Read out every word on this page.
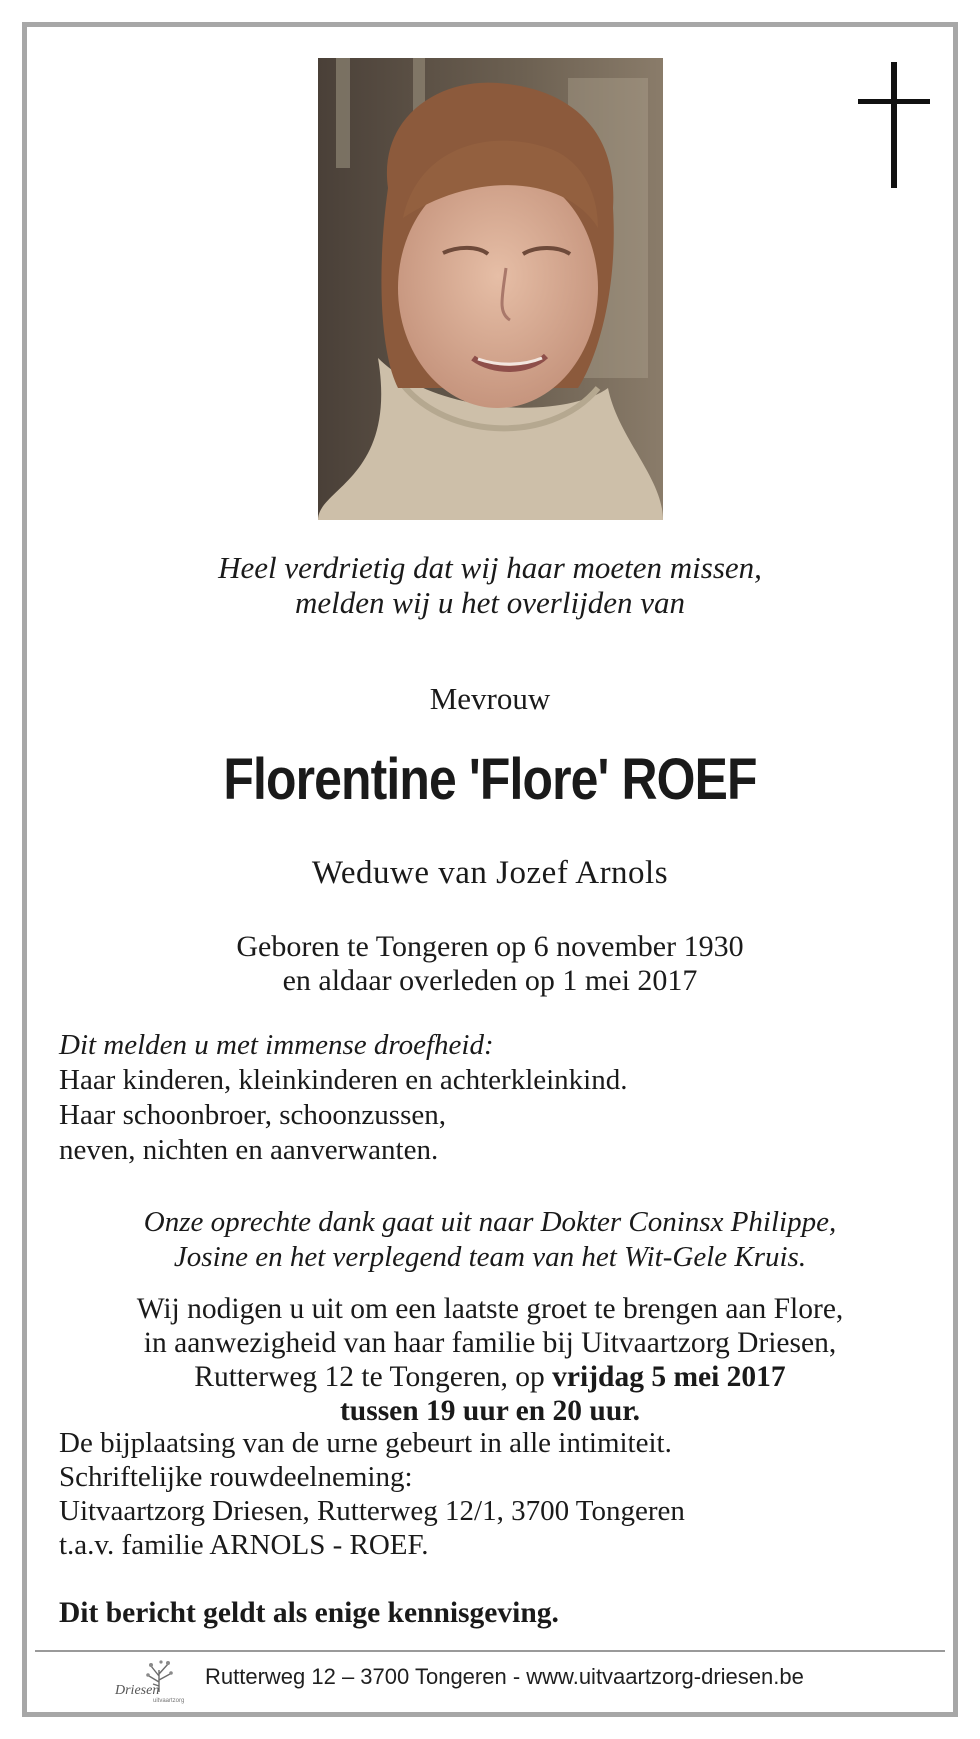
Heel verdrietig dat wij haar moeten missen,
melden wij u het overlijden van
Mevrouw
Florentine 'Flore' ROEF
Weduwe van Jozef Arnols
Geboren te Tongeren op 6 november 1930
en aldaar overleden op 1 mei 2017
Dit melden u met immense droefheid:
Haar kinderen, kleinkinderen en achterkleinkind.
Haar schoonbroer, schoonzussen,
neven, nichten en aanverwanten.
Onze oprechte dank gaat uit naar Dokter Coninsx Philippe,
Josine en het verplegend team van het Wit-Gele Kruis.
Wij nodigen u uit om een laatste groet te brengen aan Flore,
in aanwezigheid van haar familie bij Uitvaartzorg Driesen,
Rutterweg 12 te Tongeren, op vrijdag 5 mei 2017
tussen 19 uur en 20 uur.
De bijplaatsing van de urne gebeurt in alle intimiteit.
Schriftelijke rouwdeelneming:
Uitvaartzorg Driesen, Rutterweg 12/1, 3700 Tongeren
t.a.v. familie ARNOLS - ROEF.
Dit bericht geldt als enige kennisgeving.
Driesen
uitvaartzorg
Rutterweg 12 – 3700 Tongeren - www.uitvaartzorg-driesen.be
